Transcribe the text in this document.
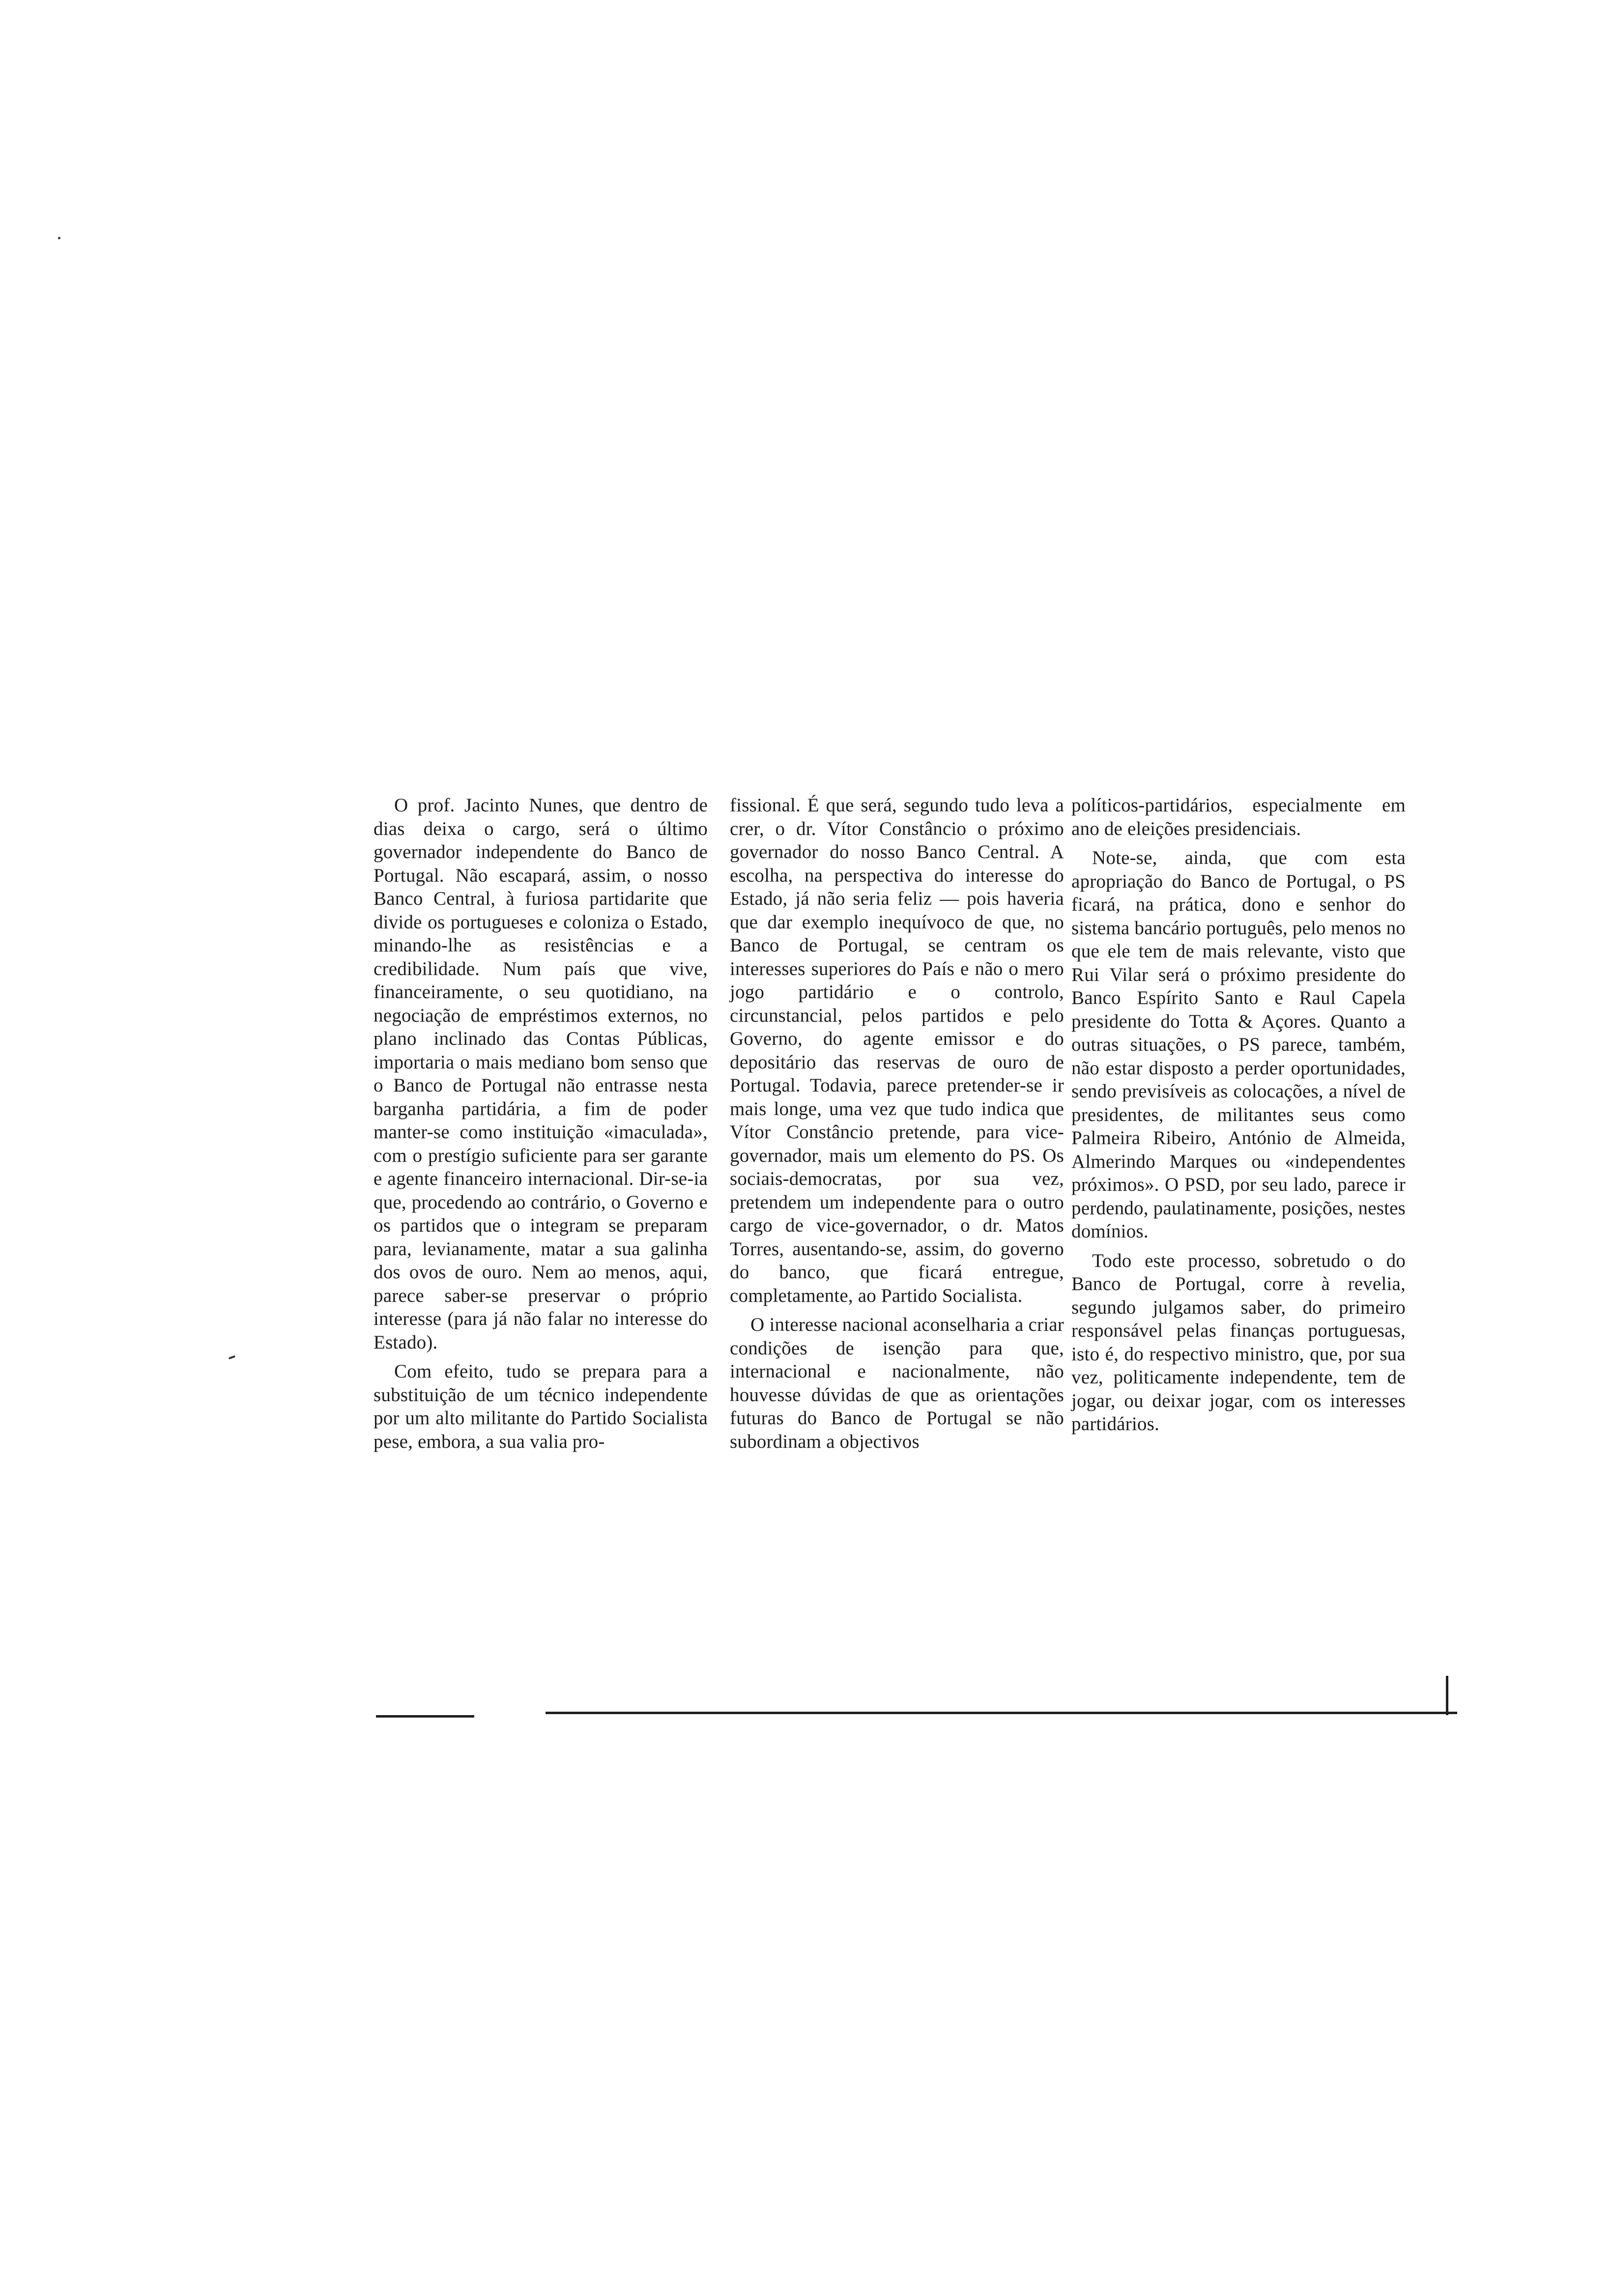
O prof. Jacinto Nunes, que dentro de dias deixa o cargo, será o último governador independente do Banco de Portugal. Não escapará, assim, o nosso Banco Central, à furiosa partidarite que divide os portugueses e coloniza o Estado, minando-lhe as resistências e a credibilidade. Num país que vive, financeiramente, o seu quotidiano, na negociação de empréstimos externos, no plano inclinado das Contas Públicas, importaria o mais mediano bom senso que o Banco de Portugal não entrasse nesta barganha partidária, a fim de poder manter-se como instituição «imaculada», com o prestígio suficiente para ser garante e agente financeiro internacional. Dir-se-ia que, procedendo ao contrário, o Governo e os partidos que o integram se preparam para, levianamente, matar a sua galinha dos ovos de ouro. Nem ao menos, aqui, parece saber-se preservar o próprio interesse (para já não falar no interesse do Estado).

Com efeito, tudo se prepara para a substituição de um técnico independente por um alto militante do Partido Socialista pese, embora, a sua valia pro-

fissional. É que será, segundo tudo leva a crer, o dr. Vítor Constâncio o próximo governador do nosso Banco Central. A escolha, na perspectiva do interesse do Estado, já não seria feliz — pois haveria que dar exemplo inequívoco de que, no Banco de Portugal, se centram os interesses superiores do País e não o mero jogo partidário e o controlo, circunstancial, pelos partidos e pelo Governo, do agente emissor e do depositário das reservas de ouro de Portugal. Todavia, parece pretender-se ir mais longe, uma vez que tudo indica que Vítor Constâncio pretende, para vice-governador, mais um elemento do PS. Os sociais-democratas, por sua vez, pretendem um independente para o outro cargo de vice-governador, o dr. Matos Torres, ausentando-se, assim, do governo do banco, que ficará entregue, completamente, ao Partido Socialista.

O interesse nacional aconselharia a criar condições de isenção para que, internacional e nacionalmente, não houvesse dúvidas de que as orientações futuras do Banco de Portugal se não subordinam a objectivos

políticos-partidários, especialmente em ano de eleições presidenciais.

Note-se, ainda, que com esta apropriação do Banco de Portugal, o PS ficará, na prática, dono e senhor do sistema bancário português, pelo menos no que ele tem de mais relevante, visto que Rui Vilar será o próximo presidente do Banco Espírito Santo e Raul Capela presidente do Totta & Açores. Quanto a outras situações, o PS parece, também, não estar disposto a perder oportunidades, sendo previsíveis as colocações, a nível de presidentes, de militantes seus como Palmeira Ribeiro, António de Almeida, Almerindo Marques ou «independentes próximos». O PSD, por seu lado, parece ir perdendo, paulatinamente, posições, nestes domínios.

Todo este processo, sobretudo o do Banco de Portugal, corre à revelia, segundo julgamos saber, do primeiro responsável pelas finanças portuguesas, isto é, do respectivo ministro, que, por sua vez, politicamente independente, tem de jogar, ou deixar jogar, com os interesses partidários.
